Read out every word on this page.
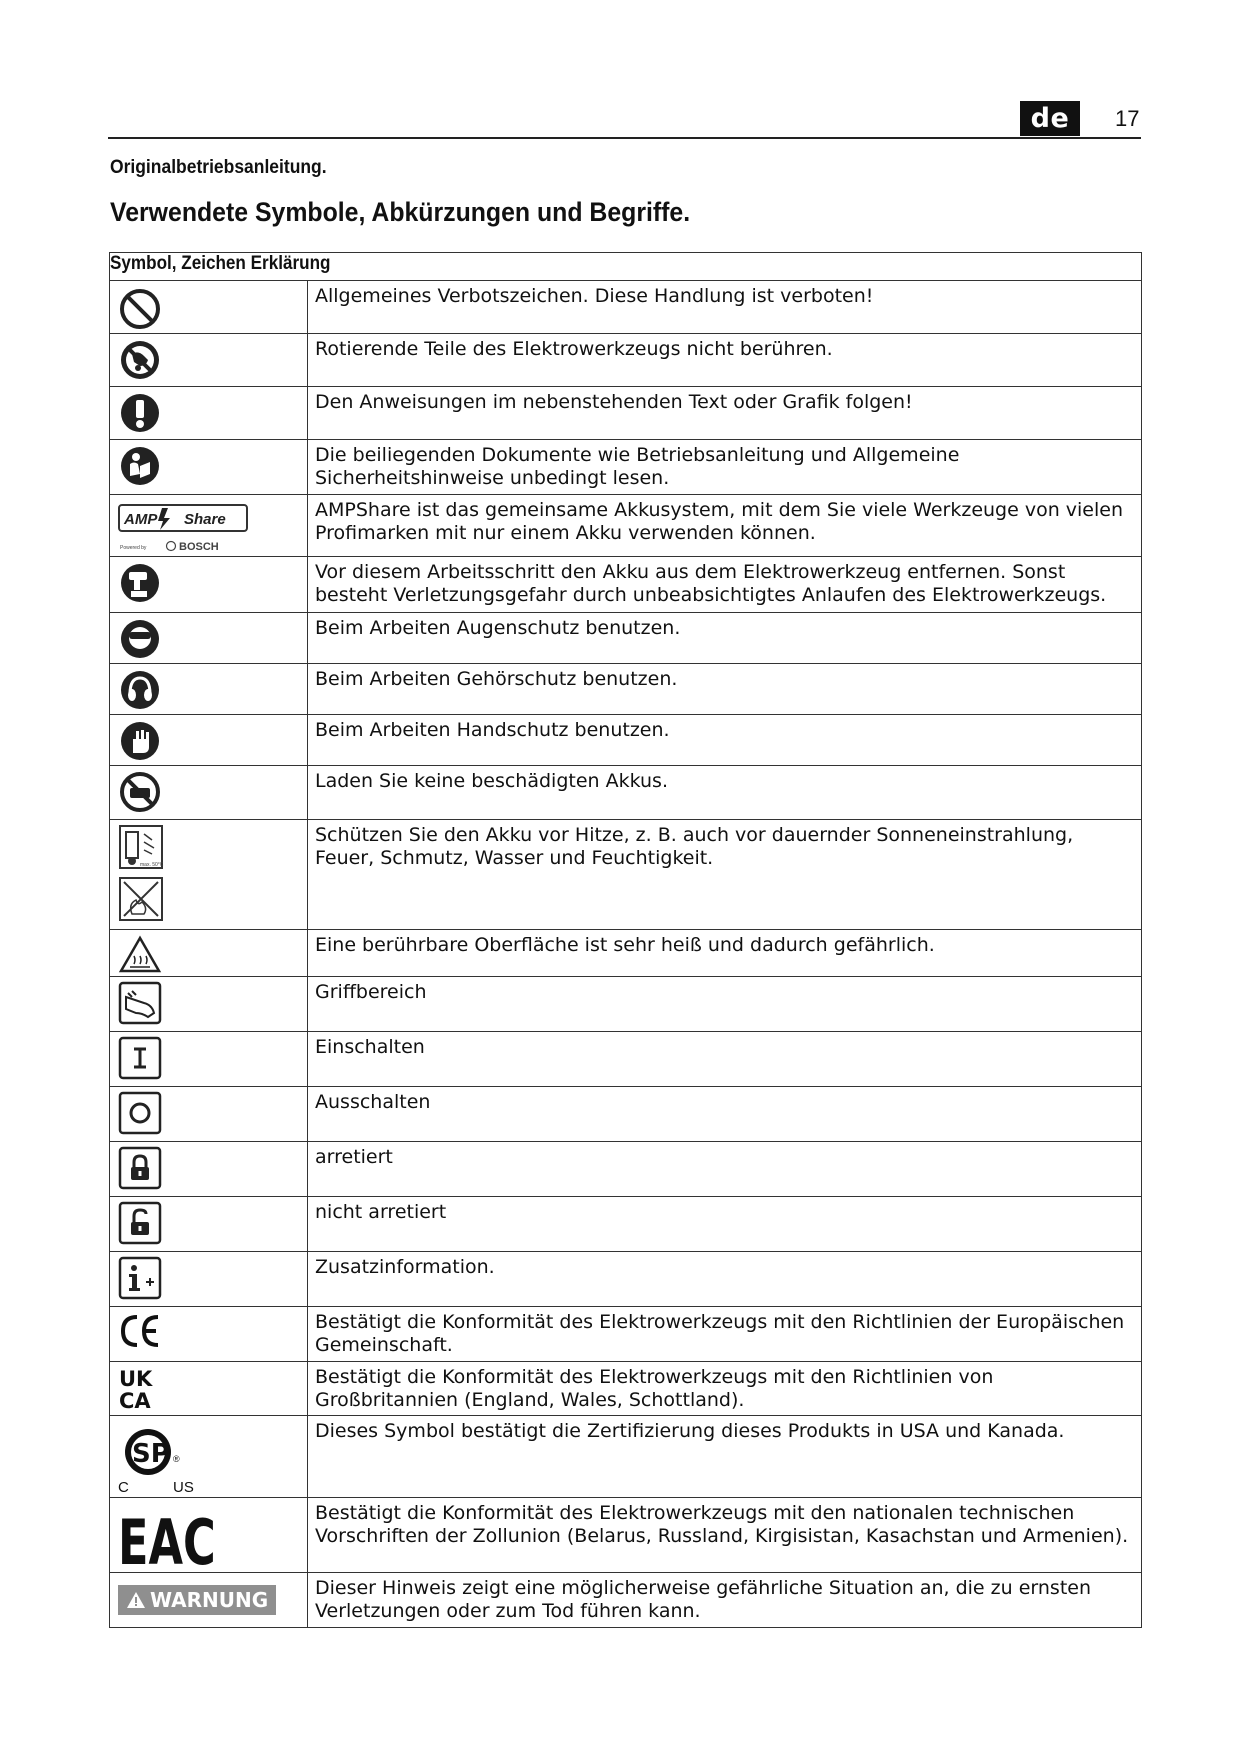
de	17
Originalbetriebsanleitung.
Verwendete Symbole, Abkürzungen und Begriffe.
Symbol, Zeichen Erklärung	

Allgemeines Verbotszeichen. Diese Handlung ist verboten!

Rotierende Teile des Elektrowerkzeugs nicht berühren.

Den Anweisungen im nebenstehenden Text oder Grafik folgen!

Die beiliegenden Dokumente wie Betriebsanleitung und Allgemeine Sicherheitshinweise unbedingt lesen.

AMP Share
Powered by BOSCH	AMPShare ist das gemeinsame Akkusystem, mit dem Sie viele Werkzeuge von vielen Profimarken mit nur einem Akku verwenden können.

Vor diesem Arbeitsschritt den Akku aus dem Elektrowerkzeug entfernen. Sonst besteht Verletzungsgefahr durch unbeabsichtigtes Anlaufen des Elektrowerkzeugs.

Beim Arbeiten Augenschutz benutzen.

Beim Arbeiten Gehörschutz benutzen.

Beim Arbeiten Handschutz benutzen.

Laden Sie keine beschädigten Akkus.

max. 50°C	Schützen Sie den Akku vor Hitze, z. B. auch vor dauernder Sonneneinstrahlung, Feuer, Schmutz, Wasser und Feuchtigkeit.

Eine berührbare Oberfläche ist sehr heiß und dadurch gefährlich.

Griffbereich

Einschalten

Ausschalten

arretiert

nicht arretiert

Zusatzinformation.

Bestätigt die Konformität des Elektrowerkzeugs mit den Richtlinien der Europäischen Gemeinschaft.

UK
CA	Bestätigt die Konformität des Elektrowerkzeugs mit den Richtlinien von Großbritannien (England, Wales, Schottland).

SP ®
C US	Dieses Symbol bestätigt die Zertifizierung dieses Produkts in USA und Kanada.

EAC	Bestätigt die Konformität des Elektrowerkzeugs mit den nationalen technischen Vorschriften der Zollunion (Belarus, Russland, Kirgisistan, Kasachstan und Armenien).

WARNUNG	Dieser Hinweis zeigt eine möglicherweise gefährliche Situation an, die zu ernsten Verletzungen oder zum Tod führen kann.
